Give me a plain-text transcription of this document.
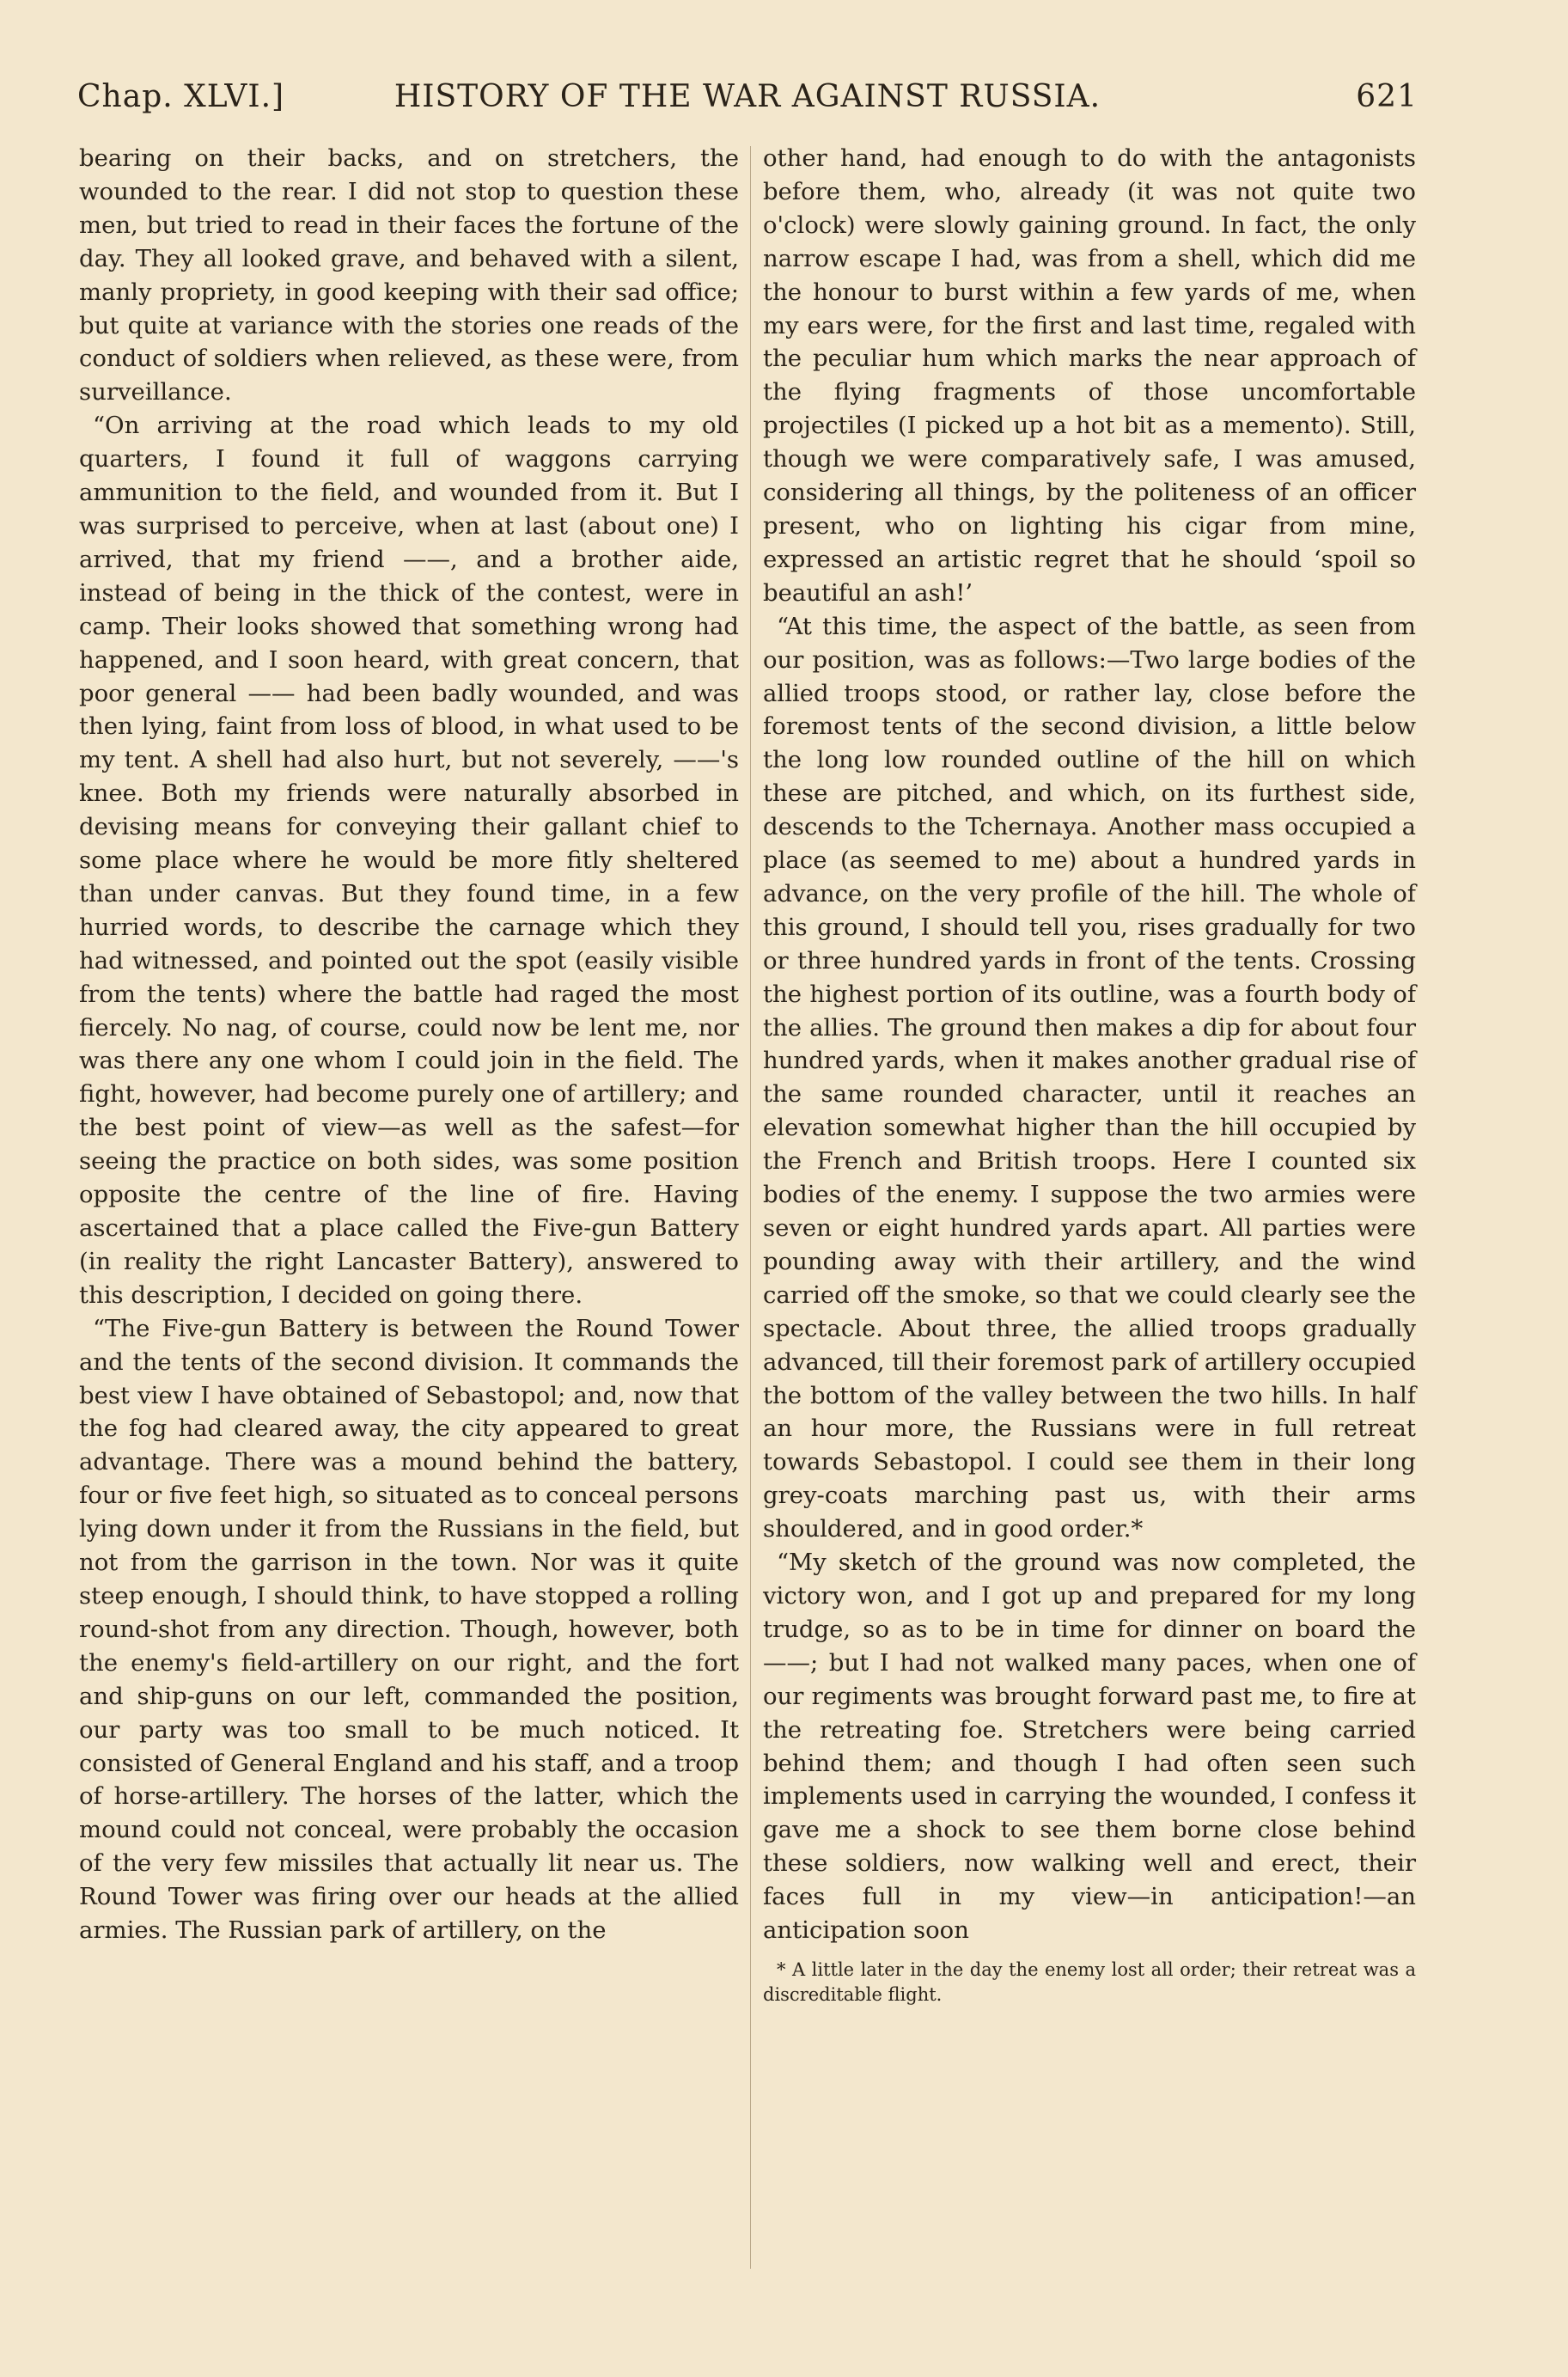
Chap. XLVI.]	HISTORY OF THE WAR AGAINST RUSSIA.	621

bearing on their backs, and on stretchers, the wounded to the rear. I did not stop to question these men, but tried to read in their faces the fortune of the day. They all looked grave, and behaved with a silent, manly propriety, in good keeping with their sad office; but quite at variance with the stories one reads of the conduct of soldiers when relieved, as these were, from surveillance.

“On arriving at the road which leads to my old quarters, I found it full of waggons carrying ammunition to the field, and wounded from it. But I was surprised to perceive, when at last (about one) I arrived, that my friend ——, and a brother aide, instead of being in the thick of the contest, were in camp. Their looks showed that something wrong had happened, and I soon heard, with great concern, that poor general —— had been badly wounded, and was then lying, faint from loss of blood, in what used to be my tent. A shell had also hurt, but not severely, ——'s knee. Both my friends were naturally absorbed in devising means for conveying their gallant chief to some place where he would be more fitly sheltered than under canvas. But they found time, in a few hurried words, to describe the carnage which they had witnessed, and pointed out the spot (easily visible from the tents) where the battle had raged the most fiercely. No nag, of course, could now be lent me, nor was there any one whom I could join in the field. The fight, however, had become purely one of artillery; and the best point of view—as well as the safest—for seeing the practice on both sides, was some position opposite the centre of the line of fire. Having ascertained that a place called the Five-gun Battery (in reality the right Lancaster Battery), answered to this description, I decided on going there.

“The Five-gun Battery is between the Round Tower and the tents of the second division. It commands the best view I have obtained of Sebastopol; and, now that the fog had cleared away, the city appeared to great advantage. There was a mound behind the battery, four or five feet high, so situated as to conceal persons lying down under it from the Russians in the field, but not from the garrison in the town. Nor was it quite steep enough, I should think, to have stopped a rolling round-shot from any direction. Though, however, both the enemy's field-artillery on our right, and the fort and ship-guns on our left, commanded the position, our party was too small to be much noticed. It consisted of General England and his staff, and a troop of horse-artillery. The horses of the latter, which the mound could not conceal, were probably the occasion of the very few missiles that actually lit near us. The Round Tower was firing over our heads at the allied armies. The Russian park of artillery, on the

other hand, had enough to do with the antagonists before them, who, already (it was not quite two o'clock) were slowly gaining ground. In fact, the only narrow escape I had, was from a shell, which did me the honour to burst within a few yards of me, when my ears were, for the first and last time, regaled with the peculiar hum which marks the near approach of the flying fragments of those uncomfortable projectiles (I picked up a hot bit as a memento). Still, though we were comparatively safe, I was amused, considering all things, by the politeness of an officer present, who on lighting his cigar from mine, expressed an artistic regret that he should ‘spoil so beautiful an ash!’

“At this time, the aspect of the battle, as seen from our position, was as follows:—Two large bodies of the allied troops stood, or rather lay, close before the foremost tents of the second division, a little below the long low rounded outline of the hill on which these are pitched, and which, on its furthest side, descends to the Tchernaya. Another mass occupied a place (as seemed to me) about a hundred yards in advance, on the very profile of the hill. The whole of this ground, I should tell you, rises gradually for two or three hundred yards in front of the tents. Crossing the highest portion of its outline, was a fourth body of the allies. The ground then makes a dip for about four hundred yards, when it makes another gradual rise of the same rounded character, until it reaches an elevation somewhat higher than the hill occupied by the French and British troops. Here I counted six bodies of the enemy. I suppose the two armies were seven or eight hundred yards apart. All parties were pounding away with their artillery, and the wind carried off the smoke, so that we could clearly see the spectacle. About three, the allied troops gradually advanced, till their foremost park of artillery occupied the bottom of the valley between the two hills. In half an hour more, the Russians were in full retreat towards Sebastopol. I could see them in their long grey-coats marching past us, with their arms shouldered, and in good order.*

“My sketch of the ground was now completed, the victory won, and I got up and prepared for my long trudge, so as to be in time for dinner on board the ——; but I had not walked many paces, when one of our regiments was brought forward past me, to fire at the retreating foe. Stretchers were being carried behind them; and though I had often seen such implements used in carrying the wounded, I confess it gave me a shock to see them borne close behind these soldiers, now walking well and erect, their faces full in my view—in anticipation!—an anticipation soon

* A little later in the day the enemy lost all order; their retreat was a discreditable flight.
